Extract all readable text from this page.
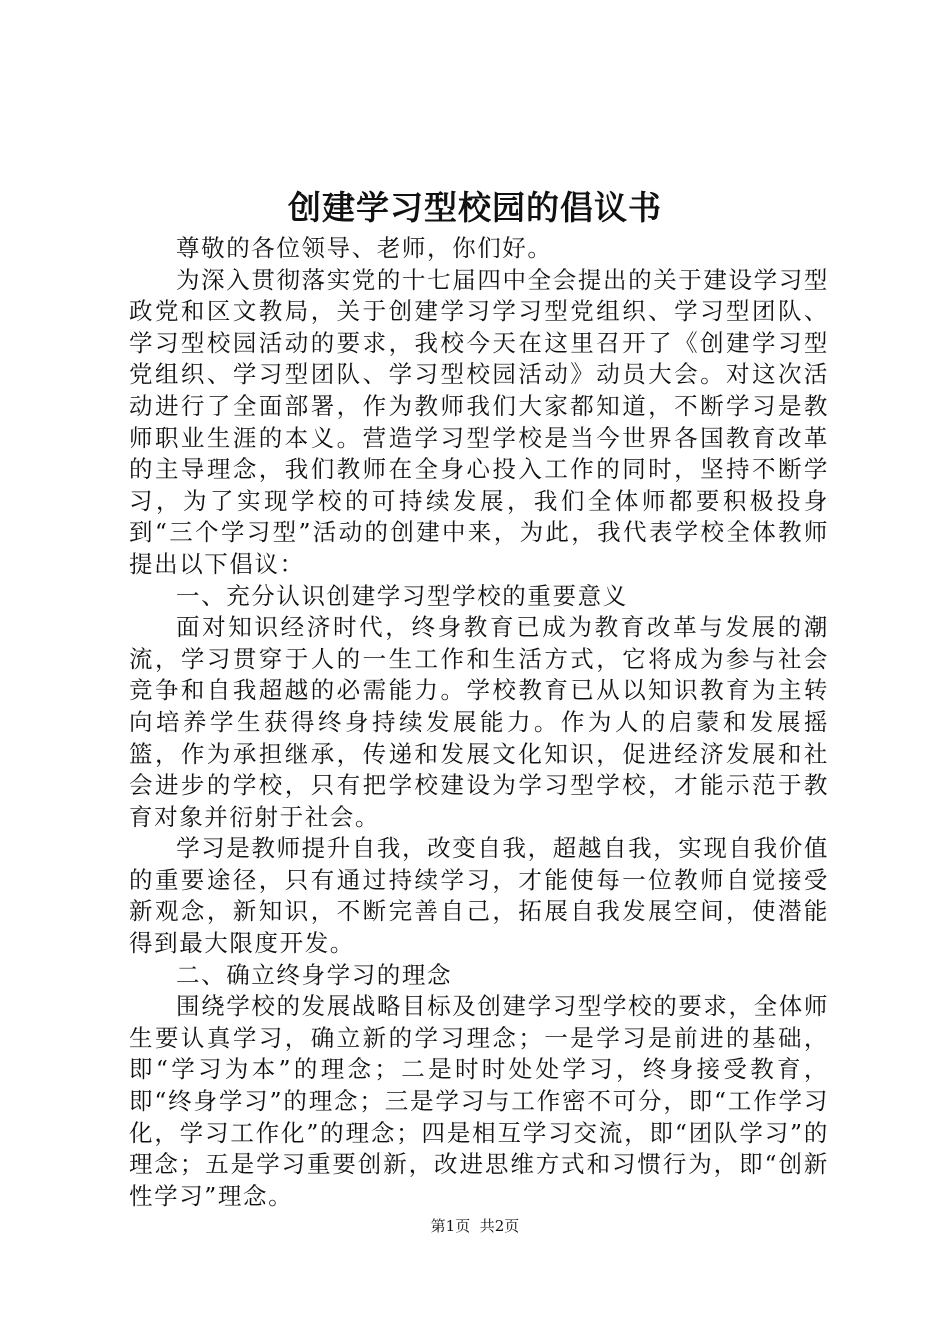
创建学习型校园的倡议书

尊敬的各位领导、老师，你们好。

为深入贯彻落实党的十七届四中全会提出的关于建设学习型政党和区文教局，关于创建学习学习型党组织、学习型团队、学习型校园活动的要求，我校今天在这里召开了《创建学习型党组织、学习型团队、学习型校园活动》动员大会。对这次活动进行了全面部署，作为教师我们大家都知道，不断学习是教师职业生涯的本义。营造学习型学校是当今世界各国教育改革的主导理念，我们教师在全身心投入工作的同时，坚持不断学习，为了实现学校的可持续发展，我们全体师都要积极投身到“三个学习型”活动的创建中来，为此，我代表学校全体教师提出以下倡议：

一、充分认识创建学习型学校的重要意义

面对知识经济时代，终身教育已成为教育改革与发展的潮流，学习贯穿于人的一生工作和生活方式，它将成为参与社会竞争和自我超越的必需能力。学校教育已从以知识教育为主转向培养学生获得终身持续发展能力。作为人的启蒙和发展摇篮，作为承担继承，传递和发展文化知识，促进经济发展和社会进步的学校，只有把学校建设为学习型学校，才能示范于教育对象并衍射于社会。

学习是教师提升自我，改变自我，超越自我，实现自我价值的重要途径，只有通过持续学习，才能使每一位教师自觉接受新观念，新知识，不断完善自己，拓展自我发展空间，使潜能得到最大限度开发。

二、确立终身学习的理念

围绕学校的发展战略目标及创建学习型学校的要求，全体师生要认真学习，确立新的学习理念；一是学习是前进的基础，即“学习为本”的理念；二是时时处处学习，终身接受教育，即“终身学习”的理念；三是学习与工作密不可分，即“工作学习化，学习工作化”的理念；四是相互学习交流，即“团队学习”的理念；五是学习重要创新，改进思维方式和习惯行为，即“创新性学习”理念。

第1页 共2页
